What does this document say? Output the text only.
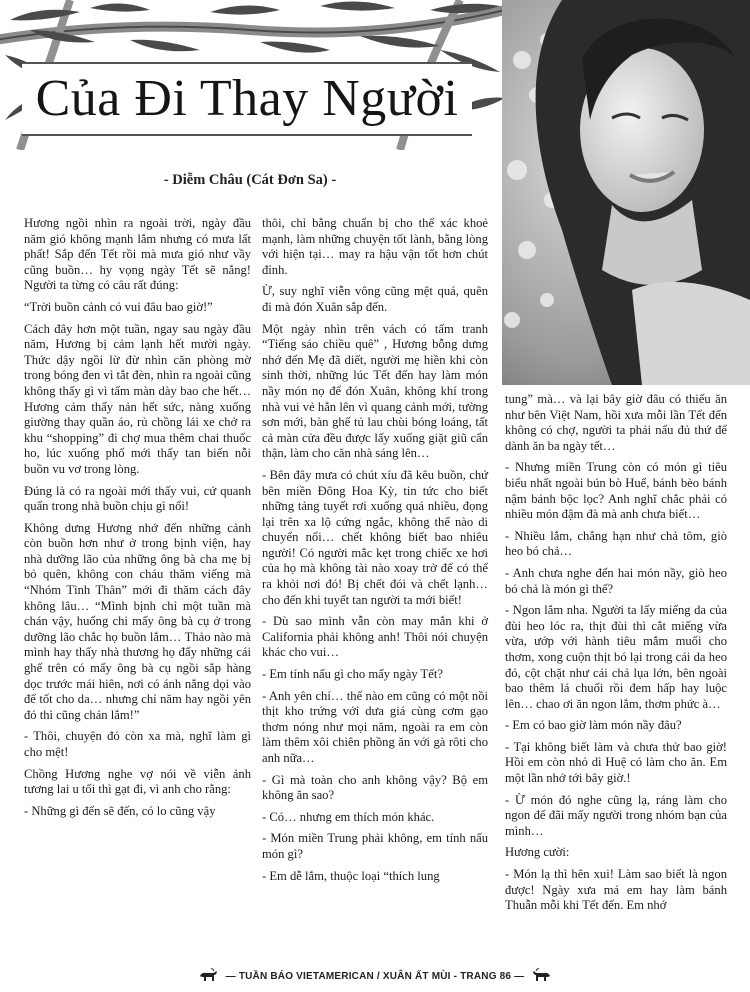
Của Đi Thay Người
- Diễm Châu (Cát Đơn Sa) -

Hương ngồi nhìn ra ngoài trời, ngày đầu năm gió không mạnh lắm nhưng có mưa lất phất! Sắp đến Tết rồi mà mưa gió như vầy cũng buồn… hy vọng ngày Tết sẽ nắng! Người ta từng có câu rất đúng:

“Trời buồn cảnh có vui đâu bao giờ!”

Cách đây hơn một tuần, ngay sau ngày đầu năm, Hương bị cảm lạnh hết mười ngày. Thức dậy ngồi lừ đừ nhìn căn phòng mờ trong bóng đen vì tắt đèn, nhìn ra ngoài cũng không thấy gì vì tấm màn dày bao che hết… Hương cảm thấy nản hết sức, nàng xuống giường thay quần áo, rủ chồng lái xe chở ra khu “shopping” đi chợ mua thêm chai thuốc ho, lúc xuống phố mới thấy tan biến nỗi buồn vu vơ trong lòng.

Đúng là có ra ngoài mới thấy vui, cứ quanh quẩn trong nhà buồn chịu gì nổi!

Không dưng Hương nhớ đến những cảnh còn buồn hơn như ở trong bịnh viện, hay nhà dưỡng lão của những ông bà cha mẹ bị bỏ quên, không con cháu thăm viếng mà “Nhóm Tình Thân” mới đi thăm cách đây không lâu… “Mình bịnh chỉ một tuần mà chán vậy, huống chi mấy ông bà cụ ở trong dưỡng lão chắc họ buồn lắm… Thảo nào mà mình hay thấy nhà thương họ đẩy những cái ghế trên có mấy ông bà cụ ngồi sắp hàng dọc trước mái hiên, nơi có ánh nắng dọi vào để tốt cho da… nhưng chỉ năm hay ngồi yên đó thì cũng chán lắm!”

- Thôi, chuyện đó còn xa mà, nghĩ làm gì cho mệt!

Chồng Hương nghe vợ nói về viễn ảnh tương lai u tối thì gạt đi, vì anh cho rằng:

- Những gì đến sẽ đến, có lo cũng vậy

thôi, chỉ bằng chuẩn bị cho thể xác khoẻ mạnh, làm những chuyện tốt lành, bằng lòng với hiện tại… may ra hậu vận tốt hơn chút đỉnh.

Ừ, suy nghĩ viễn vông cũng mệt quá, quên đi mà đón Xuân sắp đến.

Một ngày nhìn trên vách có tấm tranh “Tiếng sáo chiều quê” , Hương bỗng dưng nhớ đến Mẹ đã diết, người mẹ hiền khi còn sinh thời, những lúc Tết đến hay làm món nầy món nọ để đón Xuân, không khí trong nhà vui vẻ hẳn lên vì quang cảnh mới, tường sơn mới, bàn ghế tủ lau chùi bóng loáng, tất cả màn cửa đều được lấy xuống giặt giũ cẩn thận, làm cho căn nhà sáng lên…

- Bên đây mưa có chút xíu đã kêu buồn, chứ bên miền Đông Hoa Kỳ, tin tức cho biết những tảng tuyết rơi xuống quá nhiều, đọng lại trên xa lộ cứng ngắc, không thể nào di chuyển nổi… chết không biết bao nhiêu người! Có người mắc kẹt trong chiếc xe hơi của họ mà không tài nào xoay trở để có thể ra khỏi nơi đó! Bị chết đói và chết lạnh… cho đến khi tuyết tan người ta mới biết!

- Dù sao mình vẫn còn may mắn khi ở California phải không anh! Thôi nói chuyện khác cho vui…

- Em tính nấu gì cho mấy ngày Tết?

- Anh yên chí… thế nào em cũng có một nồi thịt kho trứng với dưa giá cùng cơm gạo thơm nóng như mọi năm, ngoài ra em còn làm thêm xôi chiên phồng ăn với gà rôti cho anh nữa…

- Gì mà toàn cho anh không vậy? Bộ em không ăn sao?

- Có… nhưng em thích món khác.

- Món miền Trung phải không, em tính nấu món gì?

- Em dễ lắm, thuộc loại “thích lung

tung” mà… và lại bây giờ đâu có thiếu ăn như bên Việt Nam, hồi xưa mỗi lần Tết đến không có chợ, người ta phải nấu đủ thứ để dành ăn ba ngày tết…

- Nhưng miền Trung còn có món gì tiêu biểu nhất ngoài bún bò Huế, bánh bèo bánh nậm bánh bộc lọc? Anh nghĩ chắc phải có nhiều món đậm đà mà anh chưa biết…

- Nhiều lắm, chẳng hạn như chả tôm, giò heo bó chả…

- Anh chưa nghe đến hai món nầy, giò heo bó chả là món gì thế?

- Ngon lắm nha. Người ta lấy miếng da của đùi heo lóc ra, thịt đùi thì cắt miếng vừa vừa, ướp với hành tiêu mắm muối cho thơm, xong cuộn thịt bó lại trong cái da heo đó, cột chặt như cái chả lụa lớn, bên ngoài bao thêm lá chuối rồi đem hấp hay luộc lên… chao ơi ăn ngon lắm, thơm phức à…

- Em có bao giờ làm món nầy đâu?

- Tại không biết làm và chưa thử bao giờ! Hồi em còn nhỏ dì Huệ có làm cho ăn. Em một lần nhớ tới bây giờ.!

- Ừ món đó nghe cũng lạ, ráng làm cho ngon để đãi mấy người trong nhóm bạn của mình…

Hương cười:

- Món lạ thì hên xui! Làm sao biết là ngon được! Ngày xưa má em hay làm bánh Thuẫn mỗi khi Tết đến. Em nhớ

— TUẦN BÁO VIETAMERICAN / XUÂN ẤT MÙI - TRANG 86 —
